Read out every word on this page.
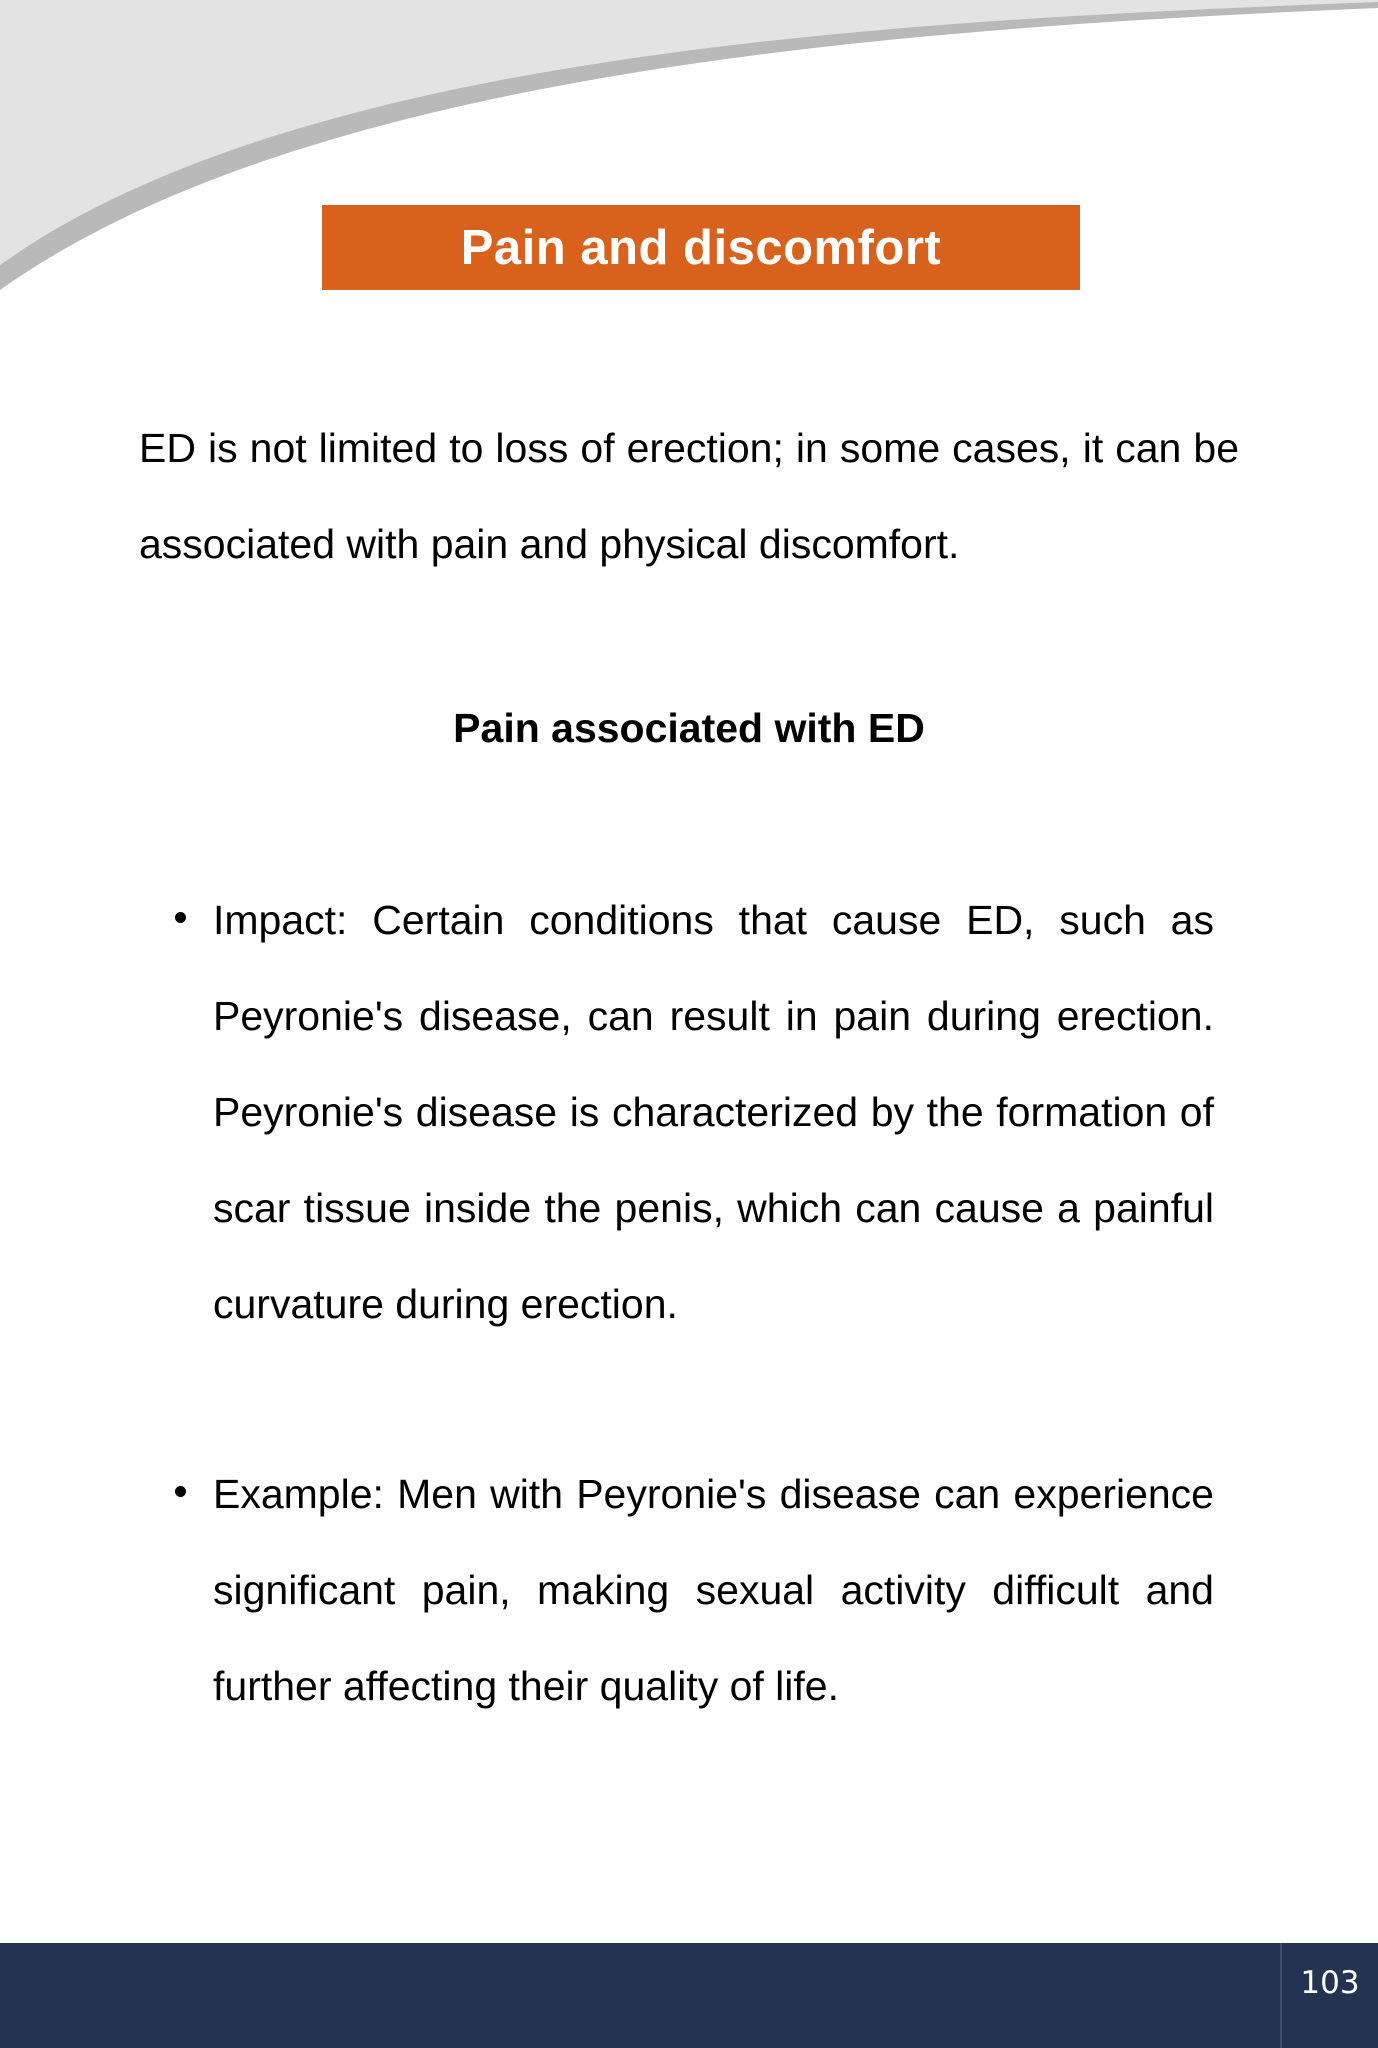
Pain and discomfort

ED is not limited to loss of erection; in some cases, it can be associated with pain and physical discomfort.

Pain associated with ED

Impact: Certain conditions that cause ED, such as Peyronie's disease, can result in pain during erection. Peyronie's disease is characterized by the formation of scar tissue inside the penis, which can cause a painful curvature during erection.

Example: Men with Peyronie's disease can experience significant pain, making sexual activity difficult and further affecting their quality of life.

103
